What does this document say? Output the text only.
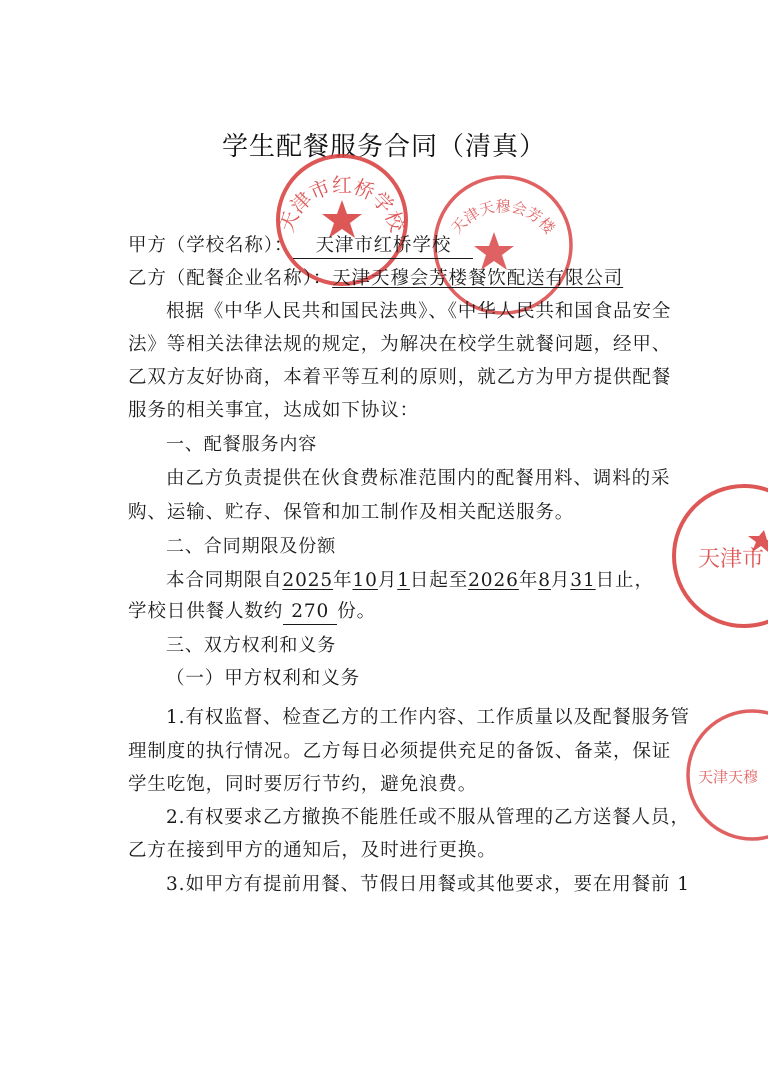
学生配餐服务合同（清真）
天津市红桥学校	天津天穆会芳楼
天津市
天津天穆
甲方（学校名称）： 天津市红桥学校
乙方（配餐企业名称）：天津天穆会芳楼餐饮配送有限公司
根据《中华人民共和国民法典》、《中华人民共和国食品安全
法》等相关法律法规的规定，为解决在校学生就餐问题，经甲、
乙双方友好协商，本着平等互利的原则，就乙方为甲方提供配餐
服务的相关事宜，达成如下协议：
一、配餐服务内容
由乙方负责提供在伙食费标准范围内的配餐用料、调料的采
购、运输、贮存、保管和加工制作及相关配送服务。
二、合同期限及份额
本合同期限自2025年10月1日起至2026年8月31日止，
学校日供餐人数约 270 份。
三、双方权利和义务
（一）甲方权利和义务
1.有权监督、检查乙方的工作内容、工作质量以及配餐服务管
理制度的执行情况。乙方每日必须提供充足的备饭、备菜，保证
学生吃饱，同时要厉行节约，避免浪费。
2.有权要求乙方撤换不能胜任或不服从管理的乙方送餐人员，
乙方在接到甲方的通知后，及时进行更换。
3.如甲方有提前用餐、节假日用餐或其他要求，要在用餐前 1
